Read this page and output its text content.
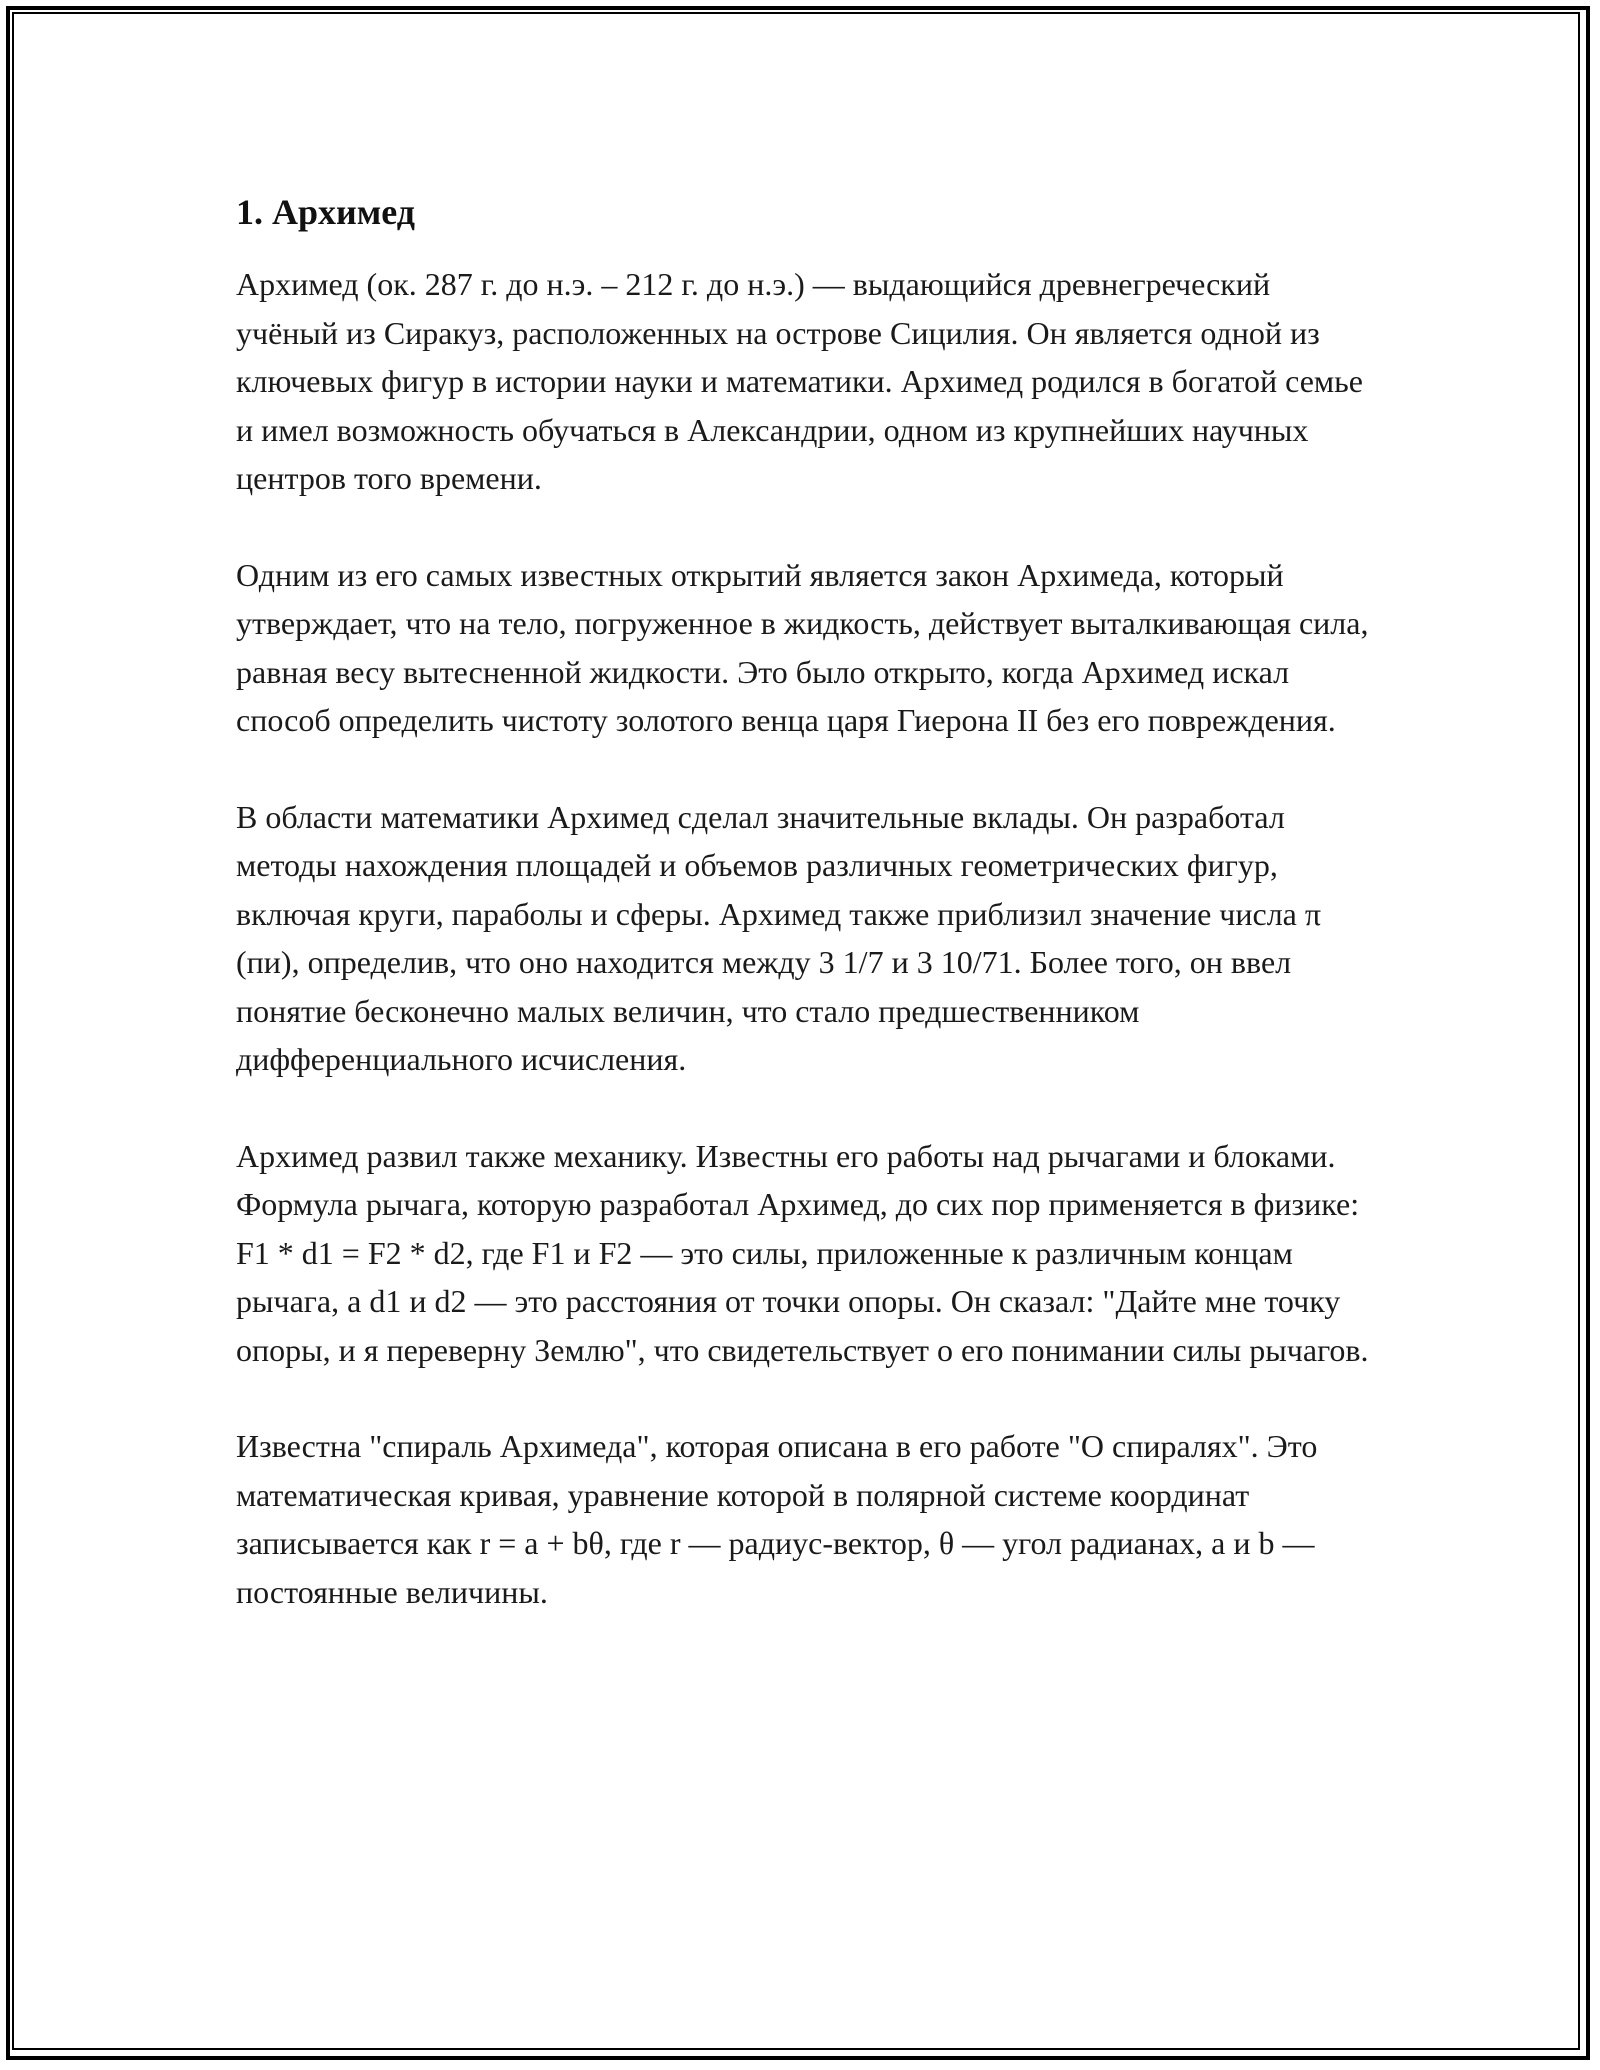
1. Архимед

Архимед (ок. 287 г. до н.э. – 212 г. до н.э.) — выдающийся древнегреческий учёный из Сиракуз, расположенных на острове Сицилия. Он является одной из ключевых фигур в истории науки и математики. Архимед родился в богатой семье и имел возможность обучаться в Александрии, одном из крупнейших научных центров того времени.

Одним из его самых известных открытий является закон Архимеда, который утверждает, что на тело, погруженное в жидкость, действует выталкивающая сила, равная весу вытесненной жидкости. Это было открыто, когда Архимед искал способ определить чистоту золотого венца царя Гиерона II без его повреждения.

В области математики Архимед сделал значительные вклады. Он разработал методы нахождения площадей и объемов различных геометрических фигур, включая круги, параболы и сферы. Архимед также приблизил значение числа π (пи), определив, что оно находится между 3 1/7 и 3 10/71. Более того, он ввел понятие бесконечно малых величин, что стало предшественником дифференциального исчисления.

Архимед развил также механику. Известны его работы над рычагами и блоками. Формула рычага, которую разработал Архимед, до сих пор применяется в физике: F1 * d1 = F2 * d2, где F1 и F2 — это силы, приложенные к различным концам рычага, а d1 и d2 — это расстояния от точки опоры. Он сказал: "Дайте мне точку опоры, и я переверну Землю", что свидетельствует о его понимании силы рычагов.

Известна "спираль Архимеда", которая описана в его работе "О спиралях". Это математическая кривая, уравнение которой в полярной системе координат записывается как r = a + bθ, где r — радиус-вектор, θ — угол радианах, а и b — постоянные величины.
